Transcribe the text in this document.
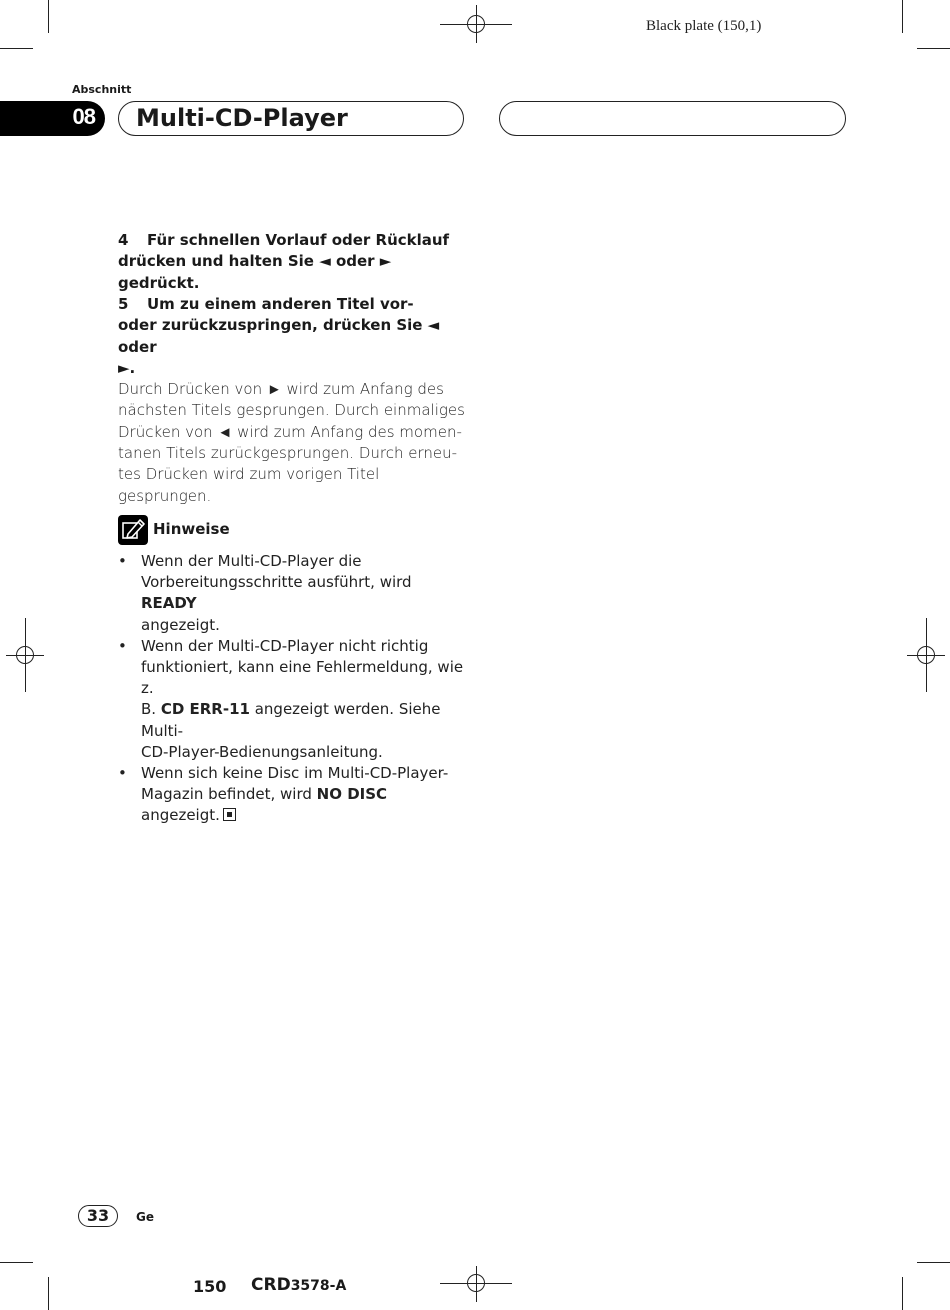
Black plate (150,1)
Abschnitt
08 Multi-CD-Player
4 Für schnellen Vorlauf oder Rücklauf
drücken und halten Sie ◄ oder ► gedrückt.
5 Um zu einem anderen Titel vor-
oder zurückzuspringen, drücken Sie ◄ oder
►.
Durch Drücken von ► wird zum Anfang des
nächsten Titels gesprungen. Durch einmaliges
Drücken von ◄ wird zum Anfang des momen-
tanen Titels zurückgesprungen. Durch erneu-
tes Drücken wird zum vorigen Titel
gesprungen.
Hinweise
• Wenn der Multi-CD-Player die
Vorbereitungsschritte ausführt, wird READY
angezeigt.
• Wenn der Multi-CD-Player nicht richtig
funktioniert, kann eine Fehlermeldung, wie z.
B. CD ERR-11 angezeigt werden. Siehe Multi-
CD-Player-Bedienungsanleitung.
• Wenn sich keine Disc im Multi-CD-Player-
Magazin befindet, wird NO DISC angezeigt.
33	Ge
150 CRD3578-A
